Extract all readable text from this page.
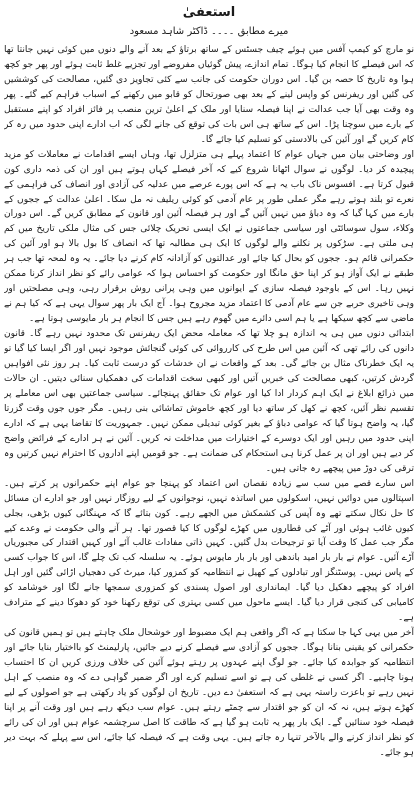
استعفیٰ
میرے مطابق ۔۔۔۔ ڈاکٹر شاہد مسعود

نو مارچ کو کیمپ آفس میں ہوئے چیف جسٹس کے ساتھ برتاؤ کے بعد آنے والے دنوں میں کوئی نہیں جانتا تھا کہ اس فیصلے کا انجام کیا ہوگا۔ تمام اندازے، پیش گوئیاں مفروضے اور تجزیے غلط ثابت ہوئے اور پھر جو کچھ ہوا وہ تاریخ کا حصہ بن گیا۔ اس دوران حکومت کی جانب سے کئی تجاویز دی گئیں، مصالحت کی کوششیں کی گئیں اور ریفرنس کو واپس لینے کے بعد بھی صورتحال کو قابو میں رکھنے کے اسباب فراہم کیے گئے۔ پھر وہ وقت بھی آیا جب عدالت نے اپنا فیصلہ سنایا اور ملک کے اعلیٰ ترین منصب پر فائز افراد کو اپنے مستقبل کے بارے میں سوچنا پڑا۔ اس کے ساتھ ہی اس بات کی توقع کی جانے لگی کہ اب ادارے اپنی حدود میں رہ کر کام کریں گے اور آئین کی بالادستی کو تسلیم کیا جائے گا۔

اور وضاحتی بیان میں جہاں عوام کا اعتماد پہلے ہی متزلزل تھا، وہاں ایسے اقدامات نے معاملات کو مزید پیچیدہ کر دیا۔ لوگوں نے سوال اٹھانا شروع کیے کہ آخر فیصلے کہاں ہوتے ہیں اور ان کی ذمہ داری کون قبول کرتا ہے۔ افسوس ناک باب یہ ہے کہ اس پورے عرصے میں عدلیہ کی آزادی اور انصاف کی فراہمی کے نعرے تو بلند ہوتے رہے مگر عملی طور پر عام آدمی کو کوئی ریلیف نہ مل سکا۔ اعلیٰ عدالت کے ججوں کے بارے میں کہا گیا کہ وہ دباؤ میں نہیں آئیں گے اور ہر فیصلہ آئین اور قانون کے مطابق کریں گے۔ اس دوران وکلاء، سول سوسائٹی اور سیاسی جماعتوں نے ایک ایسی تحریک چلائی جس کی مثال ملکی تاریخ میں کم ہی ملتی ہے۔ سڑکوں پر نکلنے والے لوگوں کا ایک ہی مطالبہ تھا کہ انصاف کا بول بالا ہو اور آئین کی حکمرانی قائم ہو۔ ججوں کو بحال کیا جائے اور عدالتوں کو آزادانہ کام کرنے دیا جائے۔ یہ وہ لمحہ تھا جب ہر طبقے نے ایک آواز ہو کر اپنا حق مانگا اور حکومت کو احساس ہوا کہ عوامی رائے کو نظر انداز کرنا ممکن نہیں رہا۔ اس کے باوجود فیصلہ سازی کے ایوانوں میں وہی پرانی روش برقرار رہی، وہی مصلحتیں اور وہی تاخیری حربے جن سے عام آدمی کا اعتماد مزید مجروح ہوا۔ آج ایک بار پھر سوال یہی ہے کہ کیا ہم نے ماضی سے کچھ سیکھا ہے یا ہم اسی دائرے میں گھوم رہے ہیں جس کا انجام ہر بار مایوسی ہوتا ہے۔

ابتدائی دنوں میں ہی یہ اندازہ ہو چلا تھا کہ معاملہ محض ایک ریفرنس تک محدود نہیں رہے گا۔ قانون دانوں کی رائے تھی کہ آئین میں اس طرح کی کارروائی کی کوئی گنجائش موجود نہیں اور اگر ایسا کیا گیا تو یہ ایک خطرناک مثال بن جائے گی۔ بعد کے واقعات نے ان خدشات کو درست ثابت کیا۔ ہر روز نئی افواہیں گردش کرتیں، کبھی مصالحت کی خبریں آتیں اور کبھی سخت اقدامات کی دھمکیاں سنائی دیتیں۔ ان حالات میں ذرائع ابلاغ نے ایک اہم کردار ادا کیا اور عوام تک حقائق پہنچائے۔ سیاسی جماعتیں بھی اس معاملے پر تقسیم نظر آئیں، کچھ نے کھل کر ساتھ دیا اور کچھ خاموش تماشائی بنی رہیں۔ مگر جوں جوں وقت گزرتا گیا، یہ واضح ہوتا گیا کہ عوامی دباؤ کے بغیر کوئی تبدیلی ممکن نہیں۔ جمہوریت کا تقاضا یہی ہے کہ ادارے اپنی حدود میں رہیں اور ایک دوسرے کے اختیارات میں مداخلت نہ کریں۔ آئین نے ہر ادارے کے فرائض واضح کر دیے ہیں اور ان پر عمل کرنا ہی استحکام کی ضمانت ہے۔ جو قومیں اپنے اداروں کا احترام نہیں کرتیں وہ ترقی کی دوڑ میں پیچھے رہ جاتی ہیں۔

اس سارے قصے میں سب سے زیادہ نقصان اس اعتماد کو پہنچا جو عوام اپنے حکمرانوں پر کرتے ہیں۔ اسپتالوں میں دوائیں نہیں، اسکولوں میں اساتذہ نہیں، نوجوانوں کے لیے روزگار نہیں اور جو ادارے ان مسائل کا حل نکال سکتے تھے وہ آپس کی کشمکش میں الجھے رہے۔ کون بتائے گا کہ مہنگائی کیوں بڑھی، بجلی کیوں غائب ہوئی اور آٹے کی قطاروں میں کھڑے لوگوں کا کیا قصور تھا۔ ہر آنے والی حکومت نے وعدے کیے مگر جب عمل کا وقت آیا تو ترجیحات بدل گئیں۔ کہیں ذاتی مفادات غالب آئے اور کہیں اقتدار کی مجبوریاں آڑے آئیں۔ عوام نے بار بار امید باندھی اور بار بار مایوس ہوئے۔ یہ سلسلہ کب تک چلے گا، اس کا جواب کسی کے پاس نہیں۔ پوسٹنگز اور تبادلوں کے کھیل نے انتظامیہ کو کمزور کیا، میرٹ کی دھجیاں اڑائی گئیں اور اہل افراد کو پیچھے دھکیل دیا گیا۔ ایمانداری اور اصول پسندی کو کمزوری سمجھا جانے لگا اور خوشامد کو کامیابی کی کنجی قرار دیا گیا۔ ایسے ماحول میں کسی بہتری کی توقع رکھنا خود کو دھوکا دینے کے مترادف ہے۔

آخر میں یہی کہا جا سکتا ہے کہ اگر واقعی ہم ایک مضبوط اور خوشحال ملک چاہتے ہیں تو ہمیں قانون کی حکمرانی کو یقینی بنانا ہوگا۔ ججوں کو آزادی سے فیصلے کرنے دیے جائیں، پارلیمنٹ کو بااختیار بنایا جائے اور انتظامیہ کو جوابدہ کیا جائے۔ جو لوگ اپنے عہدوں پر رہتے ہوئے آئین کی خلاف ورزی کریں ان کا احتساب ہونا چاہیے۔ اگر کسی نے غلطی کی ہے تو اسے تسلیم کرے اور اگر ضمیر گواہی دے کہ وہ منصب کے اہل نہیں رہے تو باعزت راستہ یہی ہے کہ استعفیٰ دے دیں۔ تاریخ ان لوگوں کو یاد رکھتی ہے جو اصولوں کے لیے کھڑے ہوتے ہیں، نہ کہ ان کو جو اقتدار سے چمٹے رہتے ہیں۔ عوام سب دیکھ رہے ہیں اور وقت آنے پر اپنا فیصلہ خود سنائیں گے۔ ایک بار پھر یہ ثابت ہو گیا ہے کہ طاقت کا اصل سرچشمہ عوام ہیں اور ان کی رائے کو نظر انداز کرنے والے بالآخر تنہا رہ جاتے ہیں۔ یہی وقت ہے کہ فیصلہ کیا جائے، اس سے پہلے کہ بہت دیر ہو جائے۔
